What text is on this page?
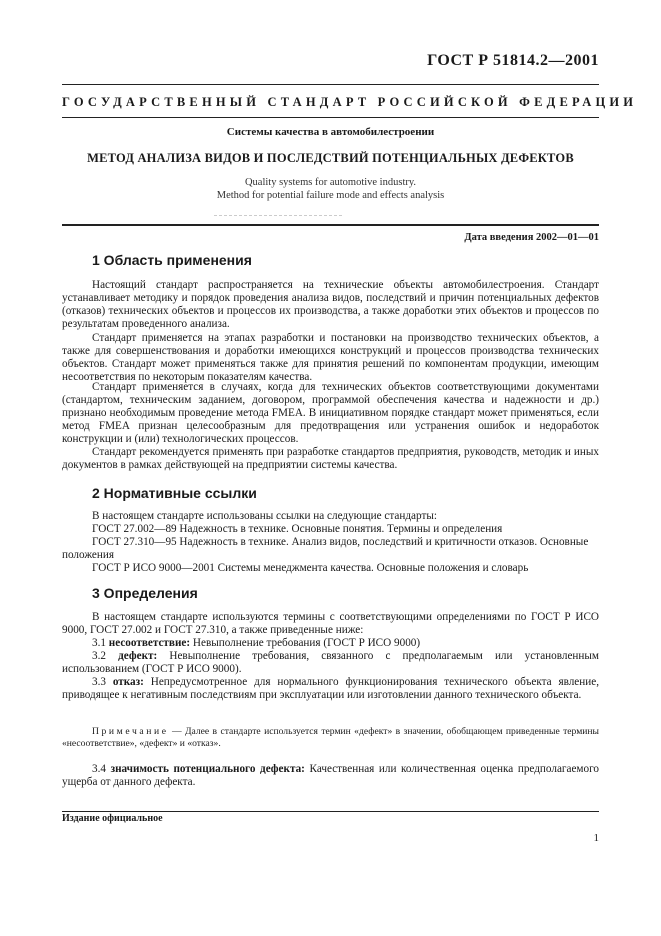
ГОСТ Р 51814.2—2001
ГОСУДАРСТВЕННЫЙ СТАНДАРТ РОССИЙСКОЙ ФЕДЕРАЦИИ
Системы качества в автомобилестроении
МЕТОД АНАЛИЗА ВИДОВ И ПОСЛЕДСТВИЙ ПОТЕНЦИАЛЬНЫХ ДЕФЕКТОВ
Quality systems for automotive industry.
Method for potential failure mode and effects analysis
Дата введения 2002—01—01
1 Область применения
Настоящий стандарт распространяется на технические объекты автомобилестроения. Стандарт устанавливает методику и порядок проведения анализа видов, последствий и причин потенциальных дефектов (отказов) технических объектов и процессов их производства, а также доработки этих объектов и процессов по результатам проведенного анализа.
Стандарт применяется на этапах разработки и постановки на производство технических объектов, а также для совершенствования и доработки имеющихся конструкций и процессов производства технических объектов. Стандарт может применяться также для принятия решений по компонентам продукции, имеющим несоответствия по некоторым показателям качества.
Стандарт применяется в случаях, когда для технических объектов соответствующими документами (стандартом, техническим заданием, договором, программой обеспечения качества и надежности и др.) признано необходимым проведение метода FMEA. В инициативном порядке стандарт может применяться, если метод FMEA признан целесообразным для предотвращения или устранения ошибок и недоработок конструкции и (или) технологических процессов.
Стандарт рекомендуется применять при разработке стандартов предприятия, руководств, методик и иных документов в рамках действующей на предприятии системы качества.
2 Нормативные ссылки
В настоящем стандарте использованы ссылки на следующие стандарты:
ГОСТ 27.002—89 Надежность в технике. Основные понятия. Термины и определения
ГОСТ 27.310—95 Надежность в технике. Анализ видов, последствий и критичности отказов. Основные положения
ГОСТ Р ИСО 9000—2001 Системы менеджмента качества. Основные положения и словарь
3 Определения
В настоящем стандарте используются термины с соответствующими определениями по ГОСТ Р ИСО 9000, ГОСТ 27.002 и ГОСТ 27.310, а также приведенные ниже:
3.1 несоответствие: Невыполнение требования (ГОСТ Р ИСО 9000)
3.2 дефект: Невыполнение требования, связанного с предполагаемым или установленным использованием (ГОСТ Р ИСО 9000).
3.3 отказ: Непредусмотренное для нормального функционирования технического объекта явление, приводящее к негативным последствиям при эксплуатации или изготовлении данного технического объекта.
Примечание — Далее в стандарте используется термин «дефект» в значении, обобщающем приведенные термины «несоответствие», «дефект» и «отказ».
3.4 значимость потенциального дефекта: Качественная или количественная оценка предполагаемого ущерба от данного дефекта.
Издание официальное
1
